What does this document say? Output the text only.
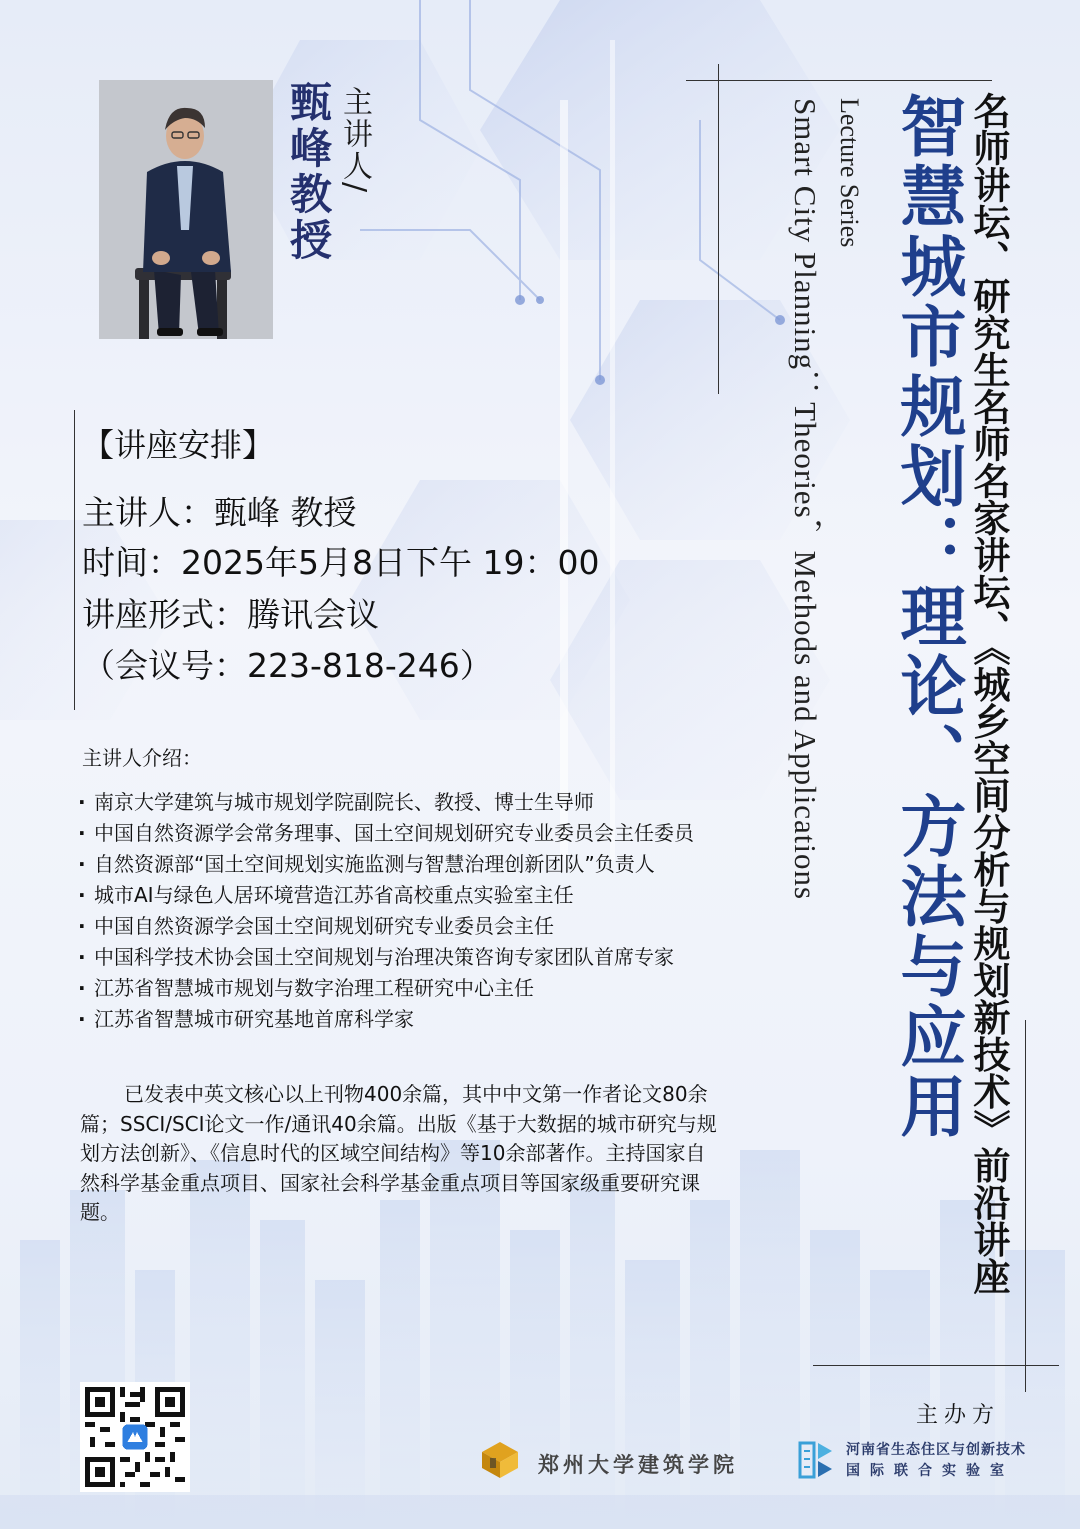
主讲人/
甄峰教授	名师讲坛、研究生名师名家讲坛、《城乡空间分析与规划新技术》前沿讲座
智慧城市规划：理论、方法与应用
Lecture Series
Smart City Planning：Theories，Methods and Applications
【讲座安排】
主讲人：甄峰 教授
时间：2025年5月8日下午 19：00
讲座形式：腾讯会议
（会议号：223-818-246）
主讲人介绍：
· 南京大学建筑与城市规划学院副院长、教授、博士生导师
· 中国自然资源学会常务理事、国土空间规划研究专业委员会主任委员
· 自然资源部“国土空间规划实施监测与智慧治理创新团队”负责人
· 城市AI与绿色人居环境营造江苏省高校重点实验室主任
· 中国自然资源学会国土空间规划研究专业委员会主任
· 中国科学技术协会国土空间规划与治理决策咨询专家团队首席专家
· 江苏省智慧城市规划与数字治理工程研究中心主任
· 江苏省智慧城市研究基地首席科学家
已发表中英文核心以上刊物400余篇，其中中文第一作者论文80余篇；SSCI/SCI论文一作/通讯40余篇。出版《基于大数据的城市研究与规划方法创新》、《信息时代的区域空间结构》等10余部著作。主持国家自然科学基金重点项目、国家社会科学基金重点项目等国家级重要研究课题。
主办方
郑州大学建筑学院
河南省生态住区与创新技术
国际联合实验室
